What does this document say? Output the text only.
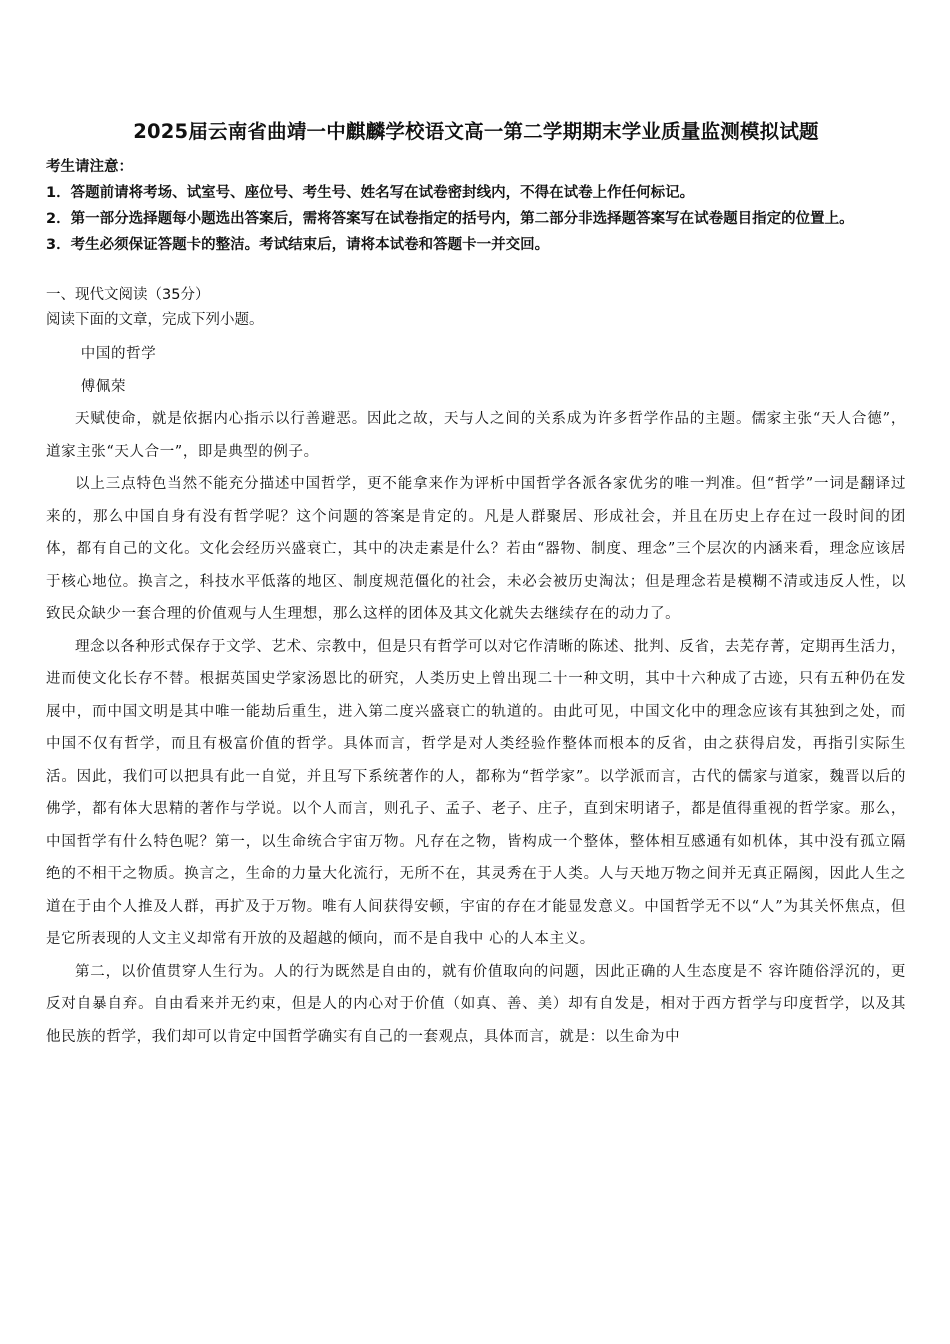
2025届云南省曲靖一中麒麟学校语文高一第二学期期末学业质量监测模拟试题
考生请注意：
1．答题前请将考场、试室号、座位号、考生号、姓名写在试卷密封线内，不得在试卷上作任何标记。
2．第一部分选择题每小题选出答案后，需将答案写在试卷指定的括号内，第二部分非选择题答案写在试卷题目指定的位置上。
3．考生必须保证答题卡的整洁。考试结束后，请将本试卷和答题卡一并交回。
一、现代文阅读（35分）
阅读下面的文章，完成下列小题。

中国的哲学

傅佩荣

天赋使命，就是依据内心指示以行善避恶。因此之故，天与人之间的关系成为许多哲学作品的主题。儒家主张“天人合德”，道家主张“天人合一”，即是典型的例子。

以上三点特色当然不能充分描述中国哲学，更不能拿来作为评析中国哲学各派各家优劣的唯一判准。但“哲学”一词是翻译过来的，那么中国自身有没有哲学呢？这个问题的答案是肯定的。凡是人群聚居、形成社会，并且在历史上存在过一段时间的团体，都有自己的文化。文化会经历兴盛衰亡，其中的决走素是什么？若由“器物、制度、理念”三个层次的内涵来看，理念应该居于核心地位。换言之，科技水平低落的地区、制度规范僵化的社会，未必会被历史淘汰；但是理念若是模糊不清或违反人性，以致民众缺少一套合理的价值观与人生理想，那么这样的团体及其文化就失去继续存在的动力了。

理念以各种形式保存于文学、艺术、宗教中，但是只有哲学可以对它作清晰的陈述、批判、反省，去芜存菁，定期再生活力，进而使文化长存不替。根据英国史学家汤恩比的研究，人类历史上曾出现二十一种文明，其中十六种成了古迹，只有五种仍在发展中，而中国文明是其中唯一能劫后重生，进入第二度兴盛衰亡的轨道的。由此可见，中国文化中的理念应该有其独到之处，而中国不仅有哲学，而且有极富价值的哲学。具体而言，哲学是对人类经验作整体而根本的反省，由之获得启发，再指引实际生活。因此，我们可以把具有此一自觉，并且写下系统著作的人，都称为“哲学家”。以学派而言，古代的儒家与道家，魏晋以后的佛学，都有体大思精的著作与学说。以个人而言，则孔子、孟子、老子、庄子，直到宋明诸子，都是值得重视的哲学家。那么，中国哲学有什么特色呢？第一，以生命统合宇宙万物。凡存在之物，皆构成一个整体，整体相互感通有如机体，其中没有孤立隔绝的不相干之物质。换言之，生命的力量大化流行，无所不在，其灵秀在于人类。人与天地万物之间并无真正隔阂，因此人生之道在于由个人推及人群，再扩及于万物。唯有人间获得安顿，宇宙的存在才能显发意义。中国哲学无不以“人”为其关怀焦点，但是它所表现的人文主义却常有开放的及超越的倾向，而不是自我中 心的人本主义。

第二，以价值贯穿人生行为。人的行为既然是自由的，就有价值取向的问题，因此正确的人生态度是不 容许随俗浮沉的，更反对自暴自弃。自由看来并无约束，但是人的内心对于价值（如真、善、美）却有自发是，相对于西方哲学与印度哲学，以及其他民族的哲学，我们却可以肯定中国哲学确实有自己的一套观点，具体而言，就是：以生命为中
